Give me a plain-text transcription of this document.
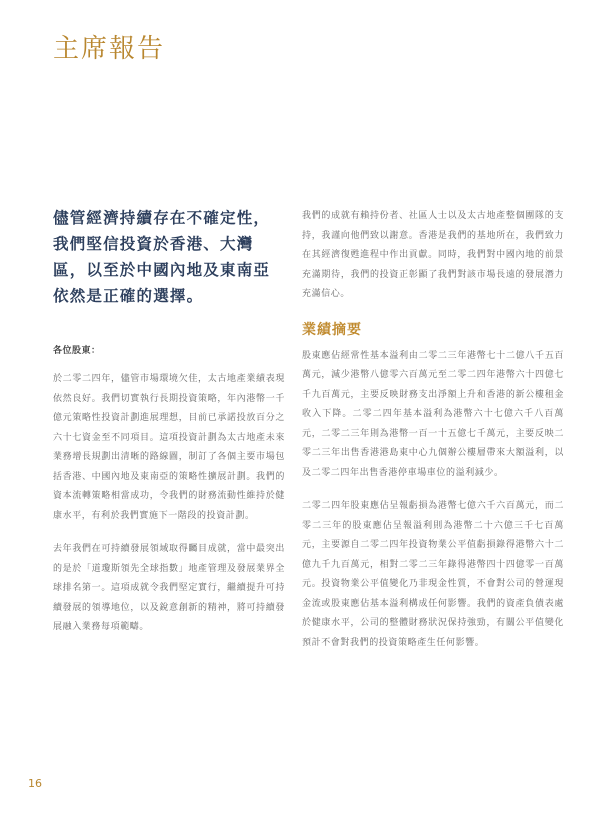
主席報告

儘管經濟持續存在不確定性，我們堅信投資於香港、大灣區，以至於中國內地及東南亞依然是正確的選擇。

各位股東：

於二零二四年，儘管市場環境欠佳，太古地產業績表現依然良好。我們切實執行長期投資策略，年內港幣一千億元策略性投資計劃進展理想，目前已承諾投放百分之六十七資金至不同項目。這項投資計劃為太古地產未來業務增長規劃出清晰的路線圖，制訂了各個主要市場包括香港、中國內地及東南亞的策略性擴展計劃。我們的資本流轉策略相當成功，令我們的財務流動性維持於健康水平，有利於我們實施下一階段的投資計劃。

去年我們在可持續發展領域取得矚目成就，當中最突出的是於「道瓊斯領先全球指數」地產管理及發展業界全球排名第一。這項成就令我們堅定實行，繼續提升可持續發展的領導地位，以及銳意創新的精神，將可持續發展融入業務每項範疇。

我們的成就有賴持份者、社區人士以及太古地產整個團隊的支持，我謹向他們致以謝意。香港是我們的基地所在，我們致力在其經濟復甦進程中作出貢獻。同時，我們對中國內地的前景充滿期待，我們的投資正彰顯了我們對該市場長遠的發展潛力充滿信心。

業績摘要

股東應佔經常性基本溢利由二零二三年港幣七十二億八千五百萬元，減少港幣八億零六百萬元至二零二四年港幣六十四億七千九百萬元，主要反映財務支出淨額上升和香港的新公樓租金收入下降。二零二四年基本溢利為港幣六十七億六千八百萬元，二零二三年則為港幣一百一十五億七千萬元，主要反映二零二三年出售香港港島東中心九個辦公樓層帶來大額溢利，以及二零二四年出售香港停車場車位的溢利減少。

二零二四年股東應佔呈報虧損為港幣七億六千六百萬元，而二零二三年的股東應佔呈報溢利則為港幣二十六億三千七百萬元，主要源自二零二四年投資物業公平值虧損錄得港幣六十二億九千九百萬元，相對二零二三年錄得港幣四十四億零一百萬元。投資物業公平值變化乃非現金性質，不會對公司的營運現金流或股東應佔基本溢利構成任何影響。我們的資產負債表處於健康水平，公司的整體財務狀況保持強勁，有關公平值變化預計不會對我們的投資策略產生任何影響。

16
